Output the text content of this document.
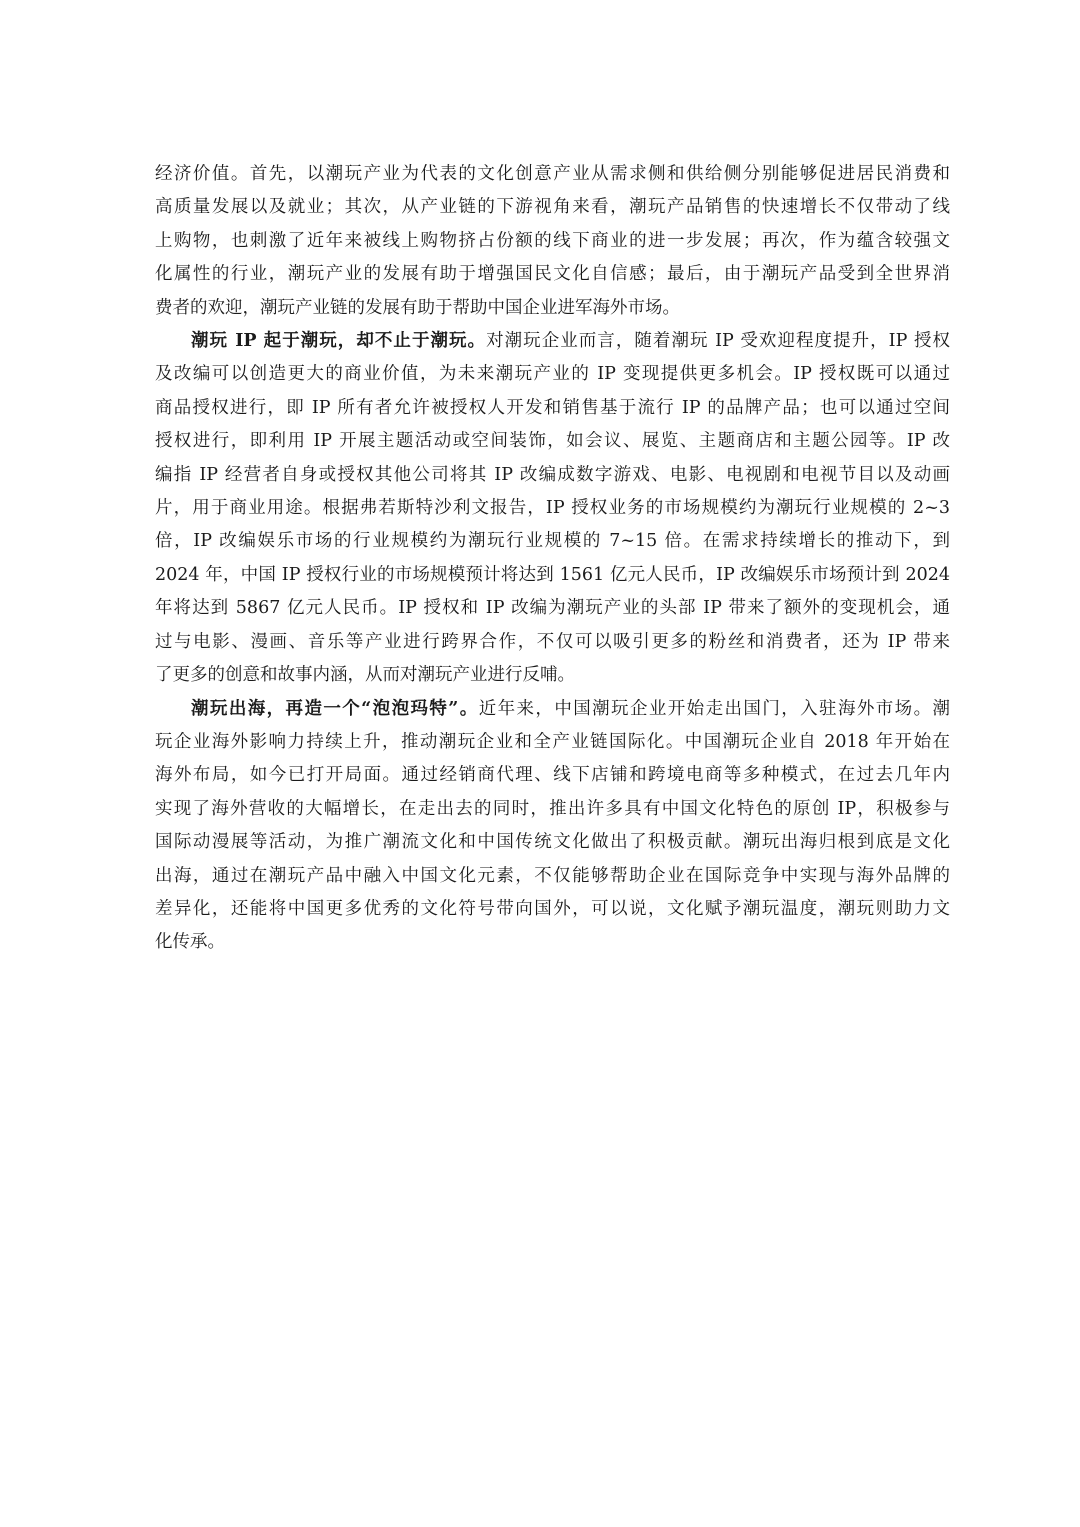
经济价值。首先，以潮玩产业为代表的文化创意产业从需求侧和供给侧分别能够促进居民消费和
高质量发展以及就业；其次，从产业链的下游视角来看，潮玩产品销售的快速增长不仅带动了线
上购物，也刺激了近年来被线上购物挤占份额的线下商业的进一步发展；再次，作为蕴含较强文
化属性的行业，潮玩产业的发展有助于增强国民文化自信感；最后，由于潮玩产品受到全世界消
费者的欢迎，潮玩产业链的发展有助于帮助中国企业进军海外市场。
潮玩 IP 起于潮玩，却不止于潮玩。对潮玩企业而言，随着潮玩 IP 受欢迎程度提升，IP 授权
及改编可以创造更大的商业价值，为未来潮玩产业的 IP 变现提供更多机会。IP 授权既可以通过
商品授权进行，即 IP 所有者允许被授权人开发和销售基于流行 IP 的品牌产品；也可以通过空间
授权进行，即利用 IP 开展主题活动或空间装饰，如会议、展览、主题商店和主题公园等。IP 改
编指 IP 经营者自身或授权其他公司将其 IP 改编成数字游戏、电影、电视剧和电视节目以及动画
片，用于商业用途。根据弗若斯特沙利文报告，IP 授权业务的市场规模约为潮玩行业规模的 2~3
倍，IP 改编娱乐市场的行业规模约为潮玩行业规模的 7~15 倍。在需求持续增长的推动下，到
2024 年，中国 IP 授权行业的市场规模预计将达到 1561 亿元人民币，IP 改编娱乐市场预计到 2024
年将达到 5867 亿元人民币。IP 授权和 IP 改编为潮玩产业的头部 IP 带来了额外的变现机会，通
过与电影、漫画、音乐等产业进行跨界合作，不仅可以吸引更多的粉丝和消费者，还为 IP 带来
了更多的创意和故事内涵，从而对潮玩产业进行反哺。
潮玩出海，再造一个“泡泡玛特”。近年来，中国潮玩企业开始走出国门，入驻海外市场。潮
玩企业海外影响力持续上升，推动潮玩企业和全产业链国际化。中国潮玩企业自 2018 年开始在
海外布局，如今已打开局面。通过经销商代理、线下店铺和跨境电商等多种模式，在过去几年内
实现了海外营收的大幅增长，在走出去的同时，推出许多具有中国文化特色的原创 IP，积极参与
国际动漫展等活动，为推广潮流文化和中国传统文化做出了积极贡献。潮玩出海归根到底是文化
出海，通过在潮玩产品中融入中国文化元素，不仅能够帮助企业在国际竞争中实现与海外品牌的
差异化，还能将中国更多优秀的文化符号带向国外，可以说，文化赋予潮玩温度，潮玩则助力文
化传承。
